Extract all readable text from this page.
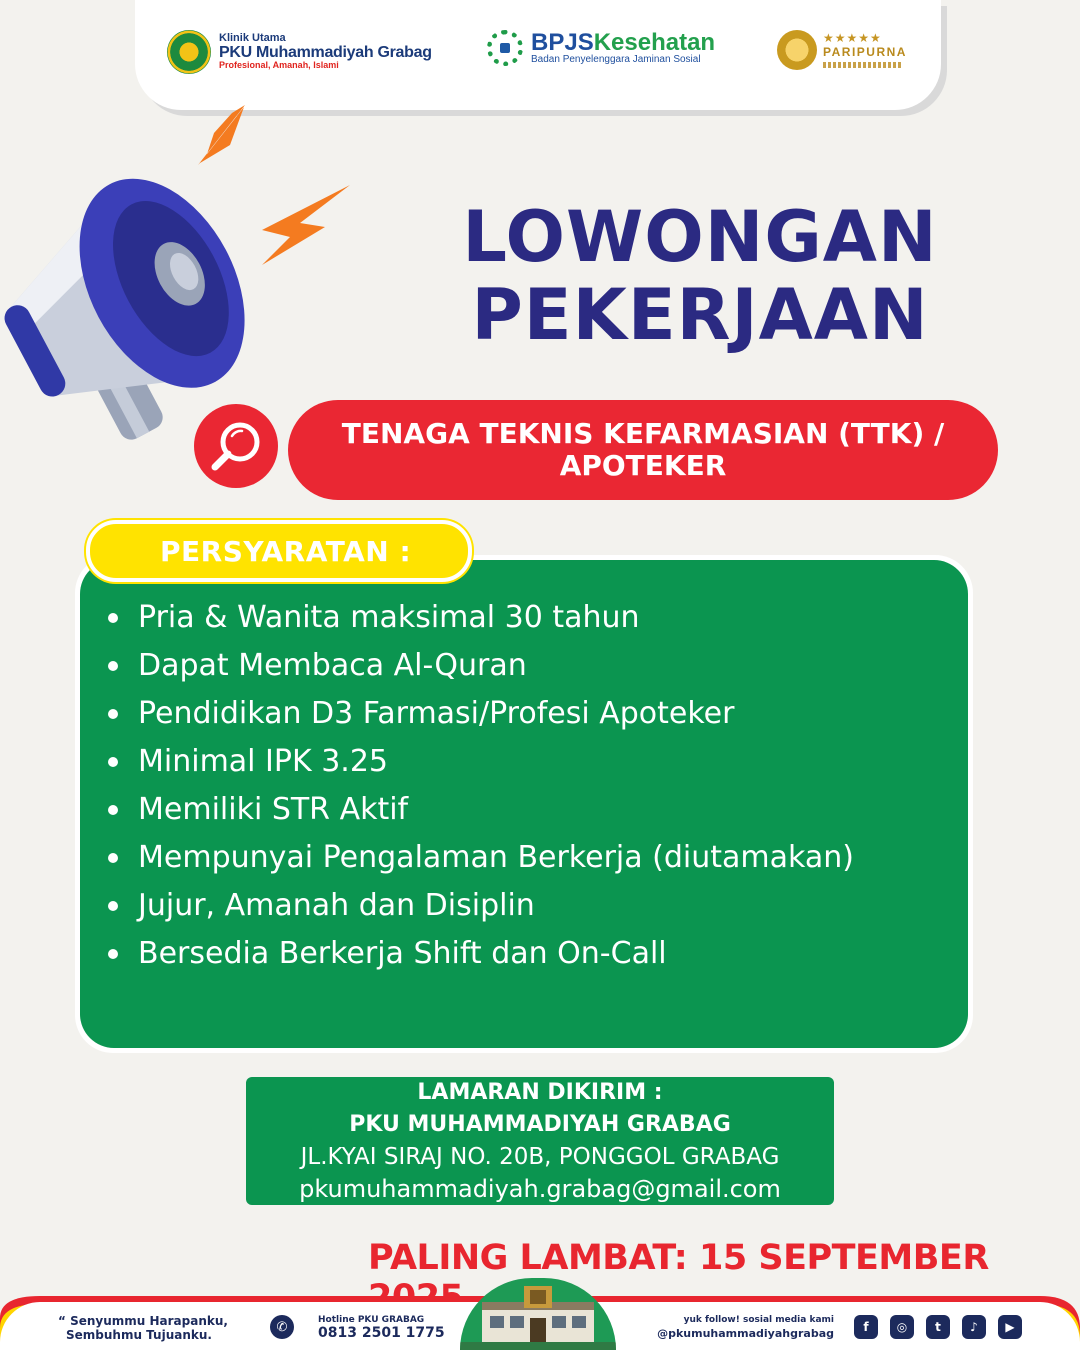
Klinik Utama
PKU Muhammadiyah Grabag
Profesional, Amanah, Islami
BPJSKesehatan
Badan Penyelenggara Jaminan Sosial
★★★★★
PARIPURNA
LOWONGAN
PEKERJAAN
TENAGA TEKNIS KEFARMASIAN (TTK) / APOTEKER
Pria & Wanita maksimal 30 tahun
Dapat Membaca Al-Quran
Pendidikan D3 Farmasi/Profesi Apoteker
Minimal IPK 3.25
Memiliki STR Aktif
Mempunyai Pengalaman Berkerja (diutamakan)
Jujur, Amanah dan Disiplin
Bersedia Berkerja Shift dan On-Call
PERSYARATAN :
LAMARAN DIKIRIM :
PKU MUHAMMADIYAH GRABAG
JL.KYAI SIRAJ NO. 20B, PONGGOL GRABAG
pkumuhammadiyah.grabag@gmail.com
PALING LAMBAT: 15 SEPTEMBER
“ Senyummu Harapanku,
Sembuhmu Tujuanku.
✆	Hotline PKU GRABAG
0813 2501 1775
yuk follow! sosial media kami
@pkumuhammadiyahgrabag	f	◎	t	♪	▶
